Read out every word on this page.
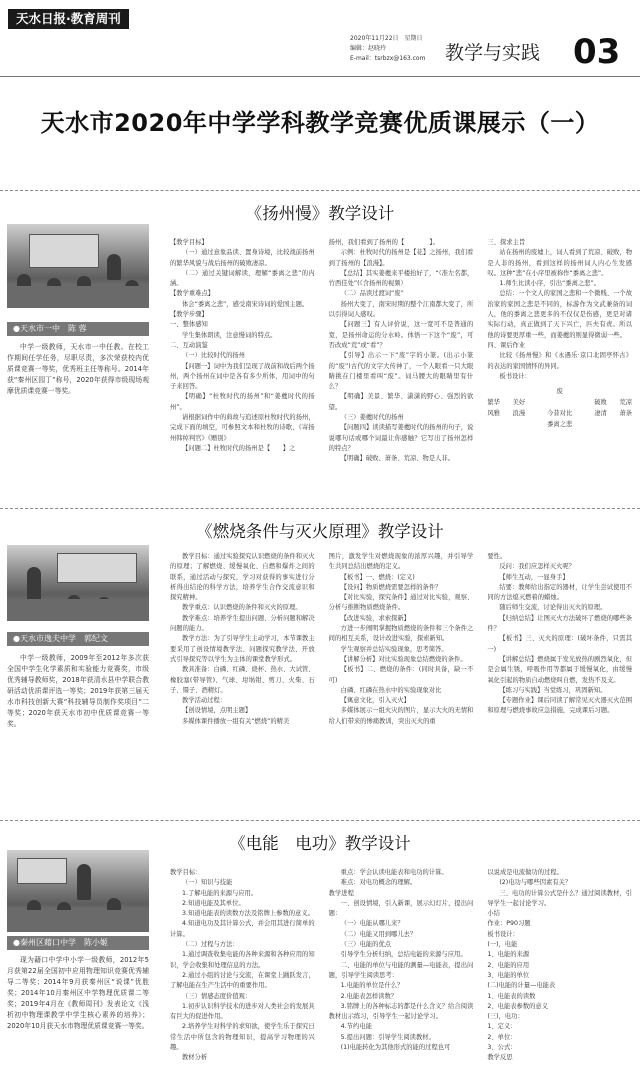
天水日报·教育周刊
2020年11月22日　星期日
编辑：赵晓玲
E-mail：tsrbzx@163.com 教学与实践 03
天水市2020年中学学科教学竞赛优质课展示（一）
《扬州慢》教学设计
●天水市一中　陈 蓉
中学一级教师，天水市一中任教。在校工作期间任学任务，尽职尽责，多次荣获校内优质课竞赛一等奖，优秀班主任等称号。2014年获“秦州区园丁”称号，2020年获得市级现场观摩优质课竞赛一等奖。

【教学目标】

（一）通过意象品读、置身诗境，比较战前扬州的繁华风貌与战后扬州的破败凄凉。

（二）通过关键词解读，理解“黍离之悲”的内涵。

【教学重难点】

体会“黍离之悲”，感受南宋诗词的爱国主题。

【教学步骤】

一、整体感知

学生集体朗读，注意慢词的特点。

二、互动演鉴

（一）比较时代的扬州

【问题一】词中为我们呈现了战前和战后两个扬州，两个扬州在词中是各有多少所体，用词中的句子来回答。

【明确】“杜牧时代的扬州”和“姜夔时代的扬州”。

请根据词作中的典故与追述原杜牧时代的扬州，完成下面的填空，可参照文本和杜牧的诗歌，《寄扬州韩绰判官》《赠别》

【问题二】杜牧时代的扬州是【　　】之

扬州，我们看到了扬州的【　　　　】。

示例：杜牧时代的扬州是【花】之扬州，我们看到了扬州的【浪漫】。

【总结】其实姜夔来平楼抬好了，“（准左名都，竹西佳处”(《含扬州的视频）

（二）品读过渡词“废”

扬州大变了，南宋时期的整个江南都大变了，所以引得词人感叹。

【问题三】有人评价说，这一宽可不是普通的宽，是扬州命运的分水岭。体悟一下这个“废”，可否改成“荒”或“看”？

【引导】出示一下“废”字的小篆。(出示小篆的“废”)古代的文字大传神了，一个人眼看一只大眼睛挑在门楼里看叫“废”。词马腰大的眼睛里有什么？

【明确】美景、繁华、潇潇的野心、强烈的欲望。

（三）姜夔时代的扬州

【问题四】读读描写姜夔时代的扬州的句子，说说哪句话或哪个词最让你感触？它写出了扬州怎样的特点？

【明确】破败、萧条、荒凉、物是人非。

三、探求主旨

站在扬州的废墟上，词人看到了荒凉、破败，物是人非的扬州，看到这样的扬州词人内心生发感叹。这种“悲”在小序里被称作“黍离之悲”。

1.师生比读小序，引出“黍离之悲”。

总结：一个文人的家国之悲和一个微贱、一个故治家的家国之悲是不同的，标游作为文武兼备的词人，他的黍离之悲更多的不仅仅是伤感，更是对诸实际行动，真正做到了天下兴亡，匹夫有责。所以他的诗要更厚重一些，而姜夔的则显得微弱一些。

四、课后作业

比较《扬州慢》和《永遇乐·京口北固亭怀古》的表达的家国情怀的异同。

板书设计：

废
繁华　　美好	破败　　荒凉
风雅　　浪漫	今昔对比	凄清　　萧条
黍离之悲
《燃烧条件与灭火原理》教学设计
●天水市逸夫中学　郭纪文
中学一级教师，2009年至2012年多次获全国中学生化学素质和实验能力竞赛奖，市级优秀辅导教师奖，2018年获清水县中学联合教研活动优质课评选一等奖；2019年获第三届天水市科技创新大赛“科技辅导员制作奖项目”二等奖；2020年获天水市初中优质课竞赛一等奖。

教学目标：通过实验探究认识燃烧的条件和灭火的原理；了解燃烧、缓慢氧化、自燃和爆炸之间的联系，通过活动与探究，学习对获得的事实进行分析得出结论的科学方法，培养学生合作交流意识和探究精神。

教学重点：认识燃烧的条件和灭火的原理。

教学难点：培养学生提出问题、分析问题和解决问题的能力。

教学方法：为了引导学生主动学习，本节课教主要采用了创设情境教学法、问题探究教学法、开放式引导探究等以学生为主体的课堂教学形式。

教具准备：白磷、红磷、烧杯、热水、大试管、橡胶塞(带导管)、气球、坩埚钳、剪刀、火柴、石子、镊子、酒精灯。

教学活动过程：

【创设情境，点明主题】

多媒体课件播放一组有关“燃烧”的精美

图片，激发学生对燃烧现象的浓厚兴趣，并引导学生共同总结出燃烧的定义。

【板书】一、燃烧：(定义)

【设问】物质燃烧需要怎样的条件？

【对比实验，探究条件】通过对比实验，观察、分析与推断物质燃烧条件。

【改进实验，求索探新】

方进一步阐明掌握物质燃烧的条件和三个条件之间的相互关系，设计改进实验，探索新知。

学生观察并总结实验现象，思考简答。

【讲解分析】对比实验现象总结燃烧的条件。

【板书】二、燃烧的条件：(同时具备，缺一不可)

白磷、红磷在热水中的实验现象对比

【寓意文化，引入灭火】

多媒体展示一组火灾的图片，显示大火的无情和给人们带来的惨痛教训，突出灭火的重

要性。

反问：我们应怎样灭火呢？

【师生互动，一显身手】

结要：教师给出指定的器材，让学生尝试使用不同的方法熄灭燃着的蜡烛。

随后师生交流，讨论得出灭火的原理。

【归纳总结】让图灭火方法破坏了燃烧的哪些条件？

【板书】三、灭火的原理：(破坏条件，只需其一)

【讲解总结】燃烧属于发光放热的剧烈氧化，但是会属生锈，呼吸作用等都属于缓慢氧化，由缓慢氧化引起的物质自动燃烧叫自燃，发热不及支。

【练习与实践】当堂练习，巩固新知。

【专题作业】课后同读了解常见灭火器灭火范围和原理与燃烧事故应急措施，完成课后习题。

《电能　电功》教学设计
●秦州区藉口中学　陈小姬
现为藉口中学中小学一级教师，2012年5月获第22届全国初中应用物理知识竞赛优秀辅导二等奖；2014年9月获秦州区“说课”优胜奖；2014年10月秦州区中学物理优质课二等奖；2019年4月在《教师周刊》发表论文《浅析初中物理课教学中学生核心素养的培养》；2020年10月获天水市物理优质课竞赛一等奖。

教学目标：

（一）知识与技能

1.了解电能的来源与应用。

2.知道电能及其单位。

3.知道电能表的读数方法及铭牌上参数的意义。

4.知道电功及其计算公式，并会用其进行简单的计算。

（二）过程与方法：

1.通过调查收集电能的各种来源和各种应用的知识，学会收集和处理信息的方法。

2.通过小组的讨论与交流，在课堂上踊跃发言，了解电能在生产生活中的重要作用。

（三）情感态度价值观：

1.初步认识科学技术的进步对人类社会的发展具有巨大的促进作用。

2.培养学生对科学的求知欲，使学生乐于探究日常生活中所包含的物理知识，提高学习物理的兴趣。

教材分析

重点：学会认读电能表和电功的计算。

难点：对电功概念的理解。

教学进程

一、创设情境，引入新课，展示幻灯片，提出问题：

（一）电能从哪儿来？

（二）电能又用到哪儿去？

（三）电能的优点

引导学生分析归纳，总结电能的来源与应用。

二、电能的单位与电能的测量—电能表，提出问题，引导学生阅读思考：

1.电能的单位是什么？

2.电能表怎样读数？

3.铭牌上的各种标志的都是什么含义？给合阅读教材出示练习，引导学生一起讨论学习。

4.节约电能

5.提出问题：引导学生阅读教材。

(1)电能转化为其他形式的能的过程也可

以说成是电流做功的过程。

(2)电功与哪些因素有关？

三、电功的计算公式是什么？通过阅读教材，引导学生一起讨论学习。

小结

作业：P90习题

板书设计：

(一)，电能

1、电能的来源

2、电能的应用

3、电能的单位

(二)电能的计量—电能表

1、电能表的读数

2、电能表参数的意义

(三)，电功：

1、定义：

2、单位：

3、公式：

教学反思
